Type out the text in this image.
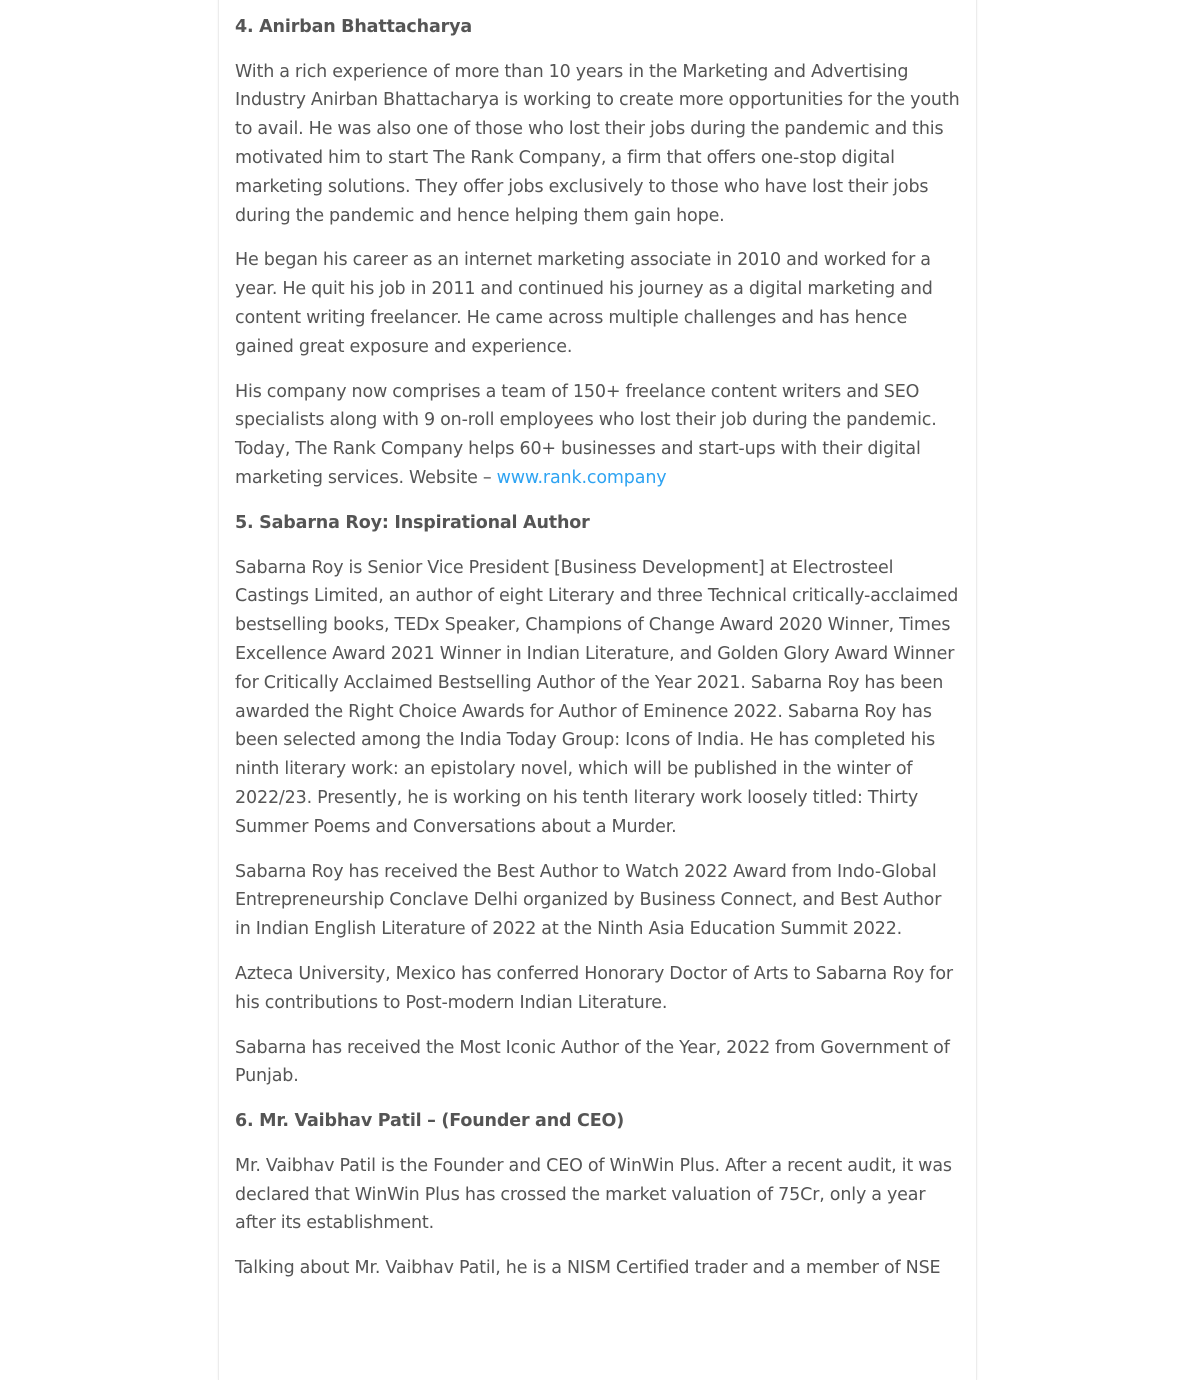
4. Anirban Bhattacharya

With a rich experience of more than 10 years in the Marketing and Advertising Industry Anirban Bhattacharya is working to create more opportunities for the youth to avail. He was also one of those who lost their jobs during the pandemic and this motivated him to start The Rank Company, a firm that offers one-stop digital marketing solutions. They offer jobs exclusively to those who have lost their jobs during the pandemic and hence helping them gain hope.

He began his career as an internet marketing associate in 2010 and worked for a year. He quit his job in 2011 and continued his journey as a digital marketing and content writing freelancer. He came across multiple challenges and has hence gained great exposure and experience.

His company now comprises a team of 150+ freelance content writers and SEO specialists along with 9 on-roll employees who lost their job during the pandemic. Today, The Rank Company helps 60+ businesses and start-ups with their digital marketing services. Website – www.rank.company

5. Sabarna Roy: Inspirational Author

Sabarna Roy is Senior Vice President [Business Development] at Electrosteel Castings Limited, an author of eight Literary and three Technical critically-acclaimed bestselling books, TEDx Speaker, Champions of Change Award 2020 Winner, Times Excellence Award 2021 Winner in Indian Literature, and Golden Glory Award Winner for Critically Acclaimed Bestselling Author of the Year 2021. Sabarna Roy has been awarded the Right Choice Awards for Author of Eminence 2022. Sabarna Roy has been selected among the India Today Group: Icons of India. He has completed his ninth literary work: an epistolary novel, which will be published in the winter of 2022/23. Presently, he is working on his tenth literary work loosely titled: Thirty Summer Poems and Conversations about a Murder.

Sabarna Roy has received the Best Author to Watch 2022 Award from Indo-Global Entrepreneurship Conclave Delhi organized by Business Connect, and Best Author in Indian English Literature of 2022 at the Ninth Asia Education Summit 2022.

Azteca University, Mexico has conferred Honorary Doctor of Arts to Sabarna Roy for his contributions to Post-modern Indian Literature.

Sabarna has received the Most Iconic Author of the Year, 2022 from Government of Punjab.

6. Mr. Vaibhav Patil – (Founder and CEO)

Mr. Vaibhav Patil is the Founder and CEO of WinWin Plus. After a recent audit, it was declared that WinWin Plus has crossed the market valuation of 75Cr, only a year after its establishment.

Talking about Mr. Vaibhav Patil, he is a NISM Certified trader and a member of NSE
